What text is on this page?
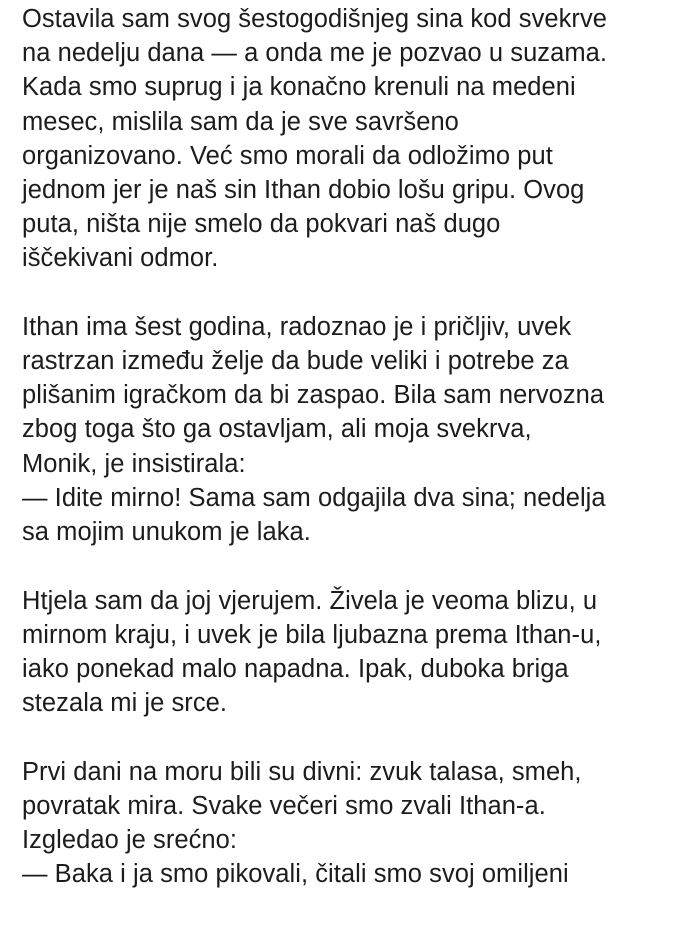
Ostavila sam svog šestogodišnjeg sina kod svekrve
na nedelju dana — a onda me je pozvao u suzama.
Kada smo suprug i ja konačno krenuli na medeni
mesec, mislila sam da je sve savršeno
organizovano. Već smo morali da odložimo put
jednom jer je naš sin Ithan dobio lošu gripu. Ovog
puta, ništa nije smelo da pokvari naš dugo
iščekivani odmor.
Ithan ima šest godina, radoznao je i pričljiv, uvek
rastrzan između želje da bude veliki i potrebe za
plišanim igračkom da bi zaspao. Bila sam nervozna
zbog toga što ga ostavljam, ali moja svekrva,
Monik, je insistirala:
— Idite mirno! Sama sam odgajila dva sina; nedelja
sa mojim unukom je laka.
Htjela sam da joj vjerujem. Živela je veoma blizu, u
mirnom kraju, i uvek je bila ljubazna prema Ithan-u,
iako ponekad malo napadna. Ipak, duboka briga
stezala mi je srce.
Prvi dani na moru bili su divni: zvuk talasa, smeh,
povratak mira. Svake večeri smo zvali Ithan-a.
Izgledao je srećno:
— Baka i ja smo pikovali, čitali smo svoj omiljeni
